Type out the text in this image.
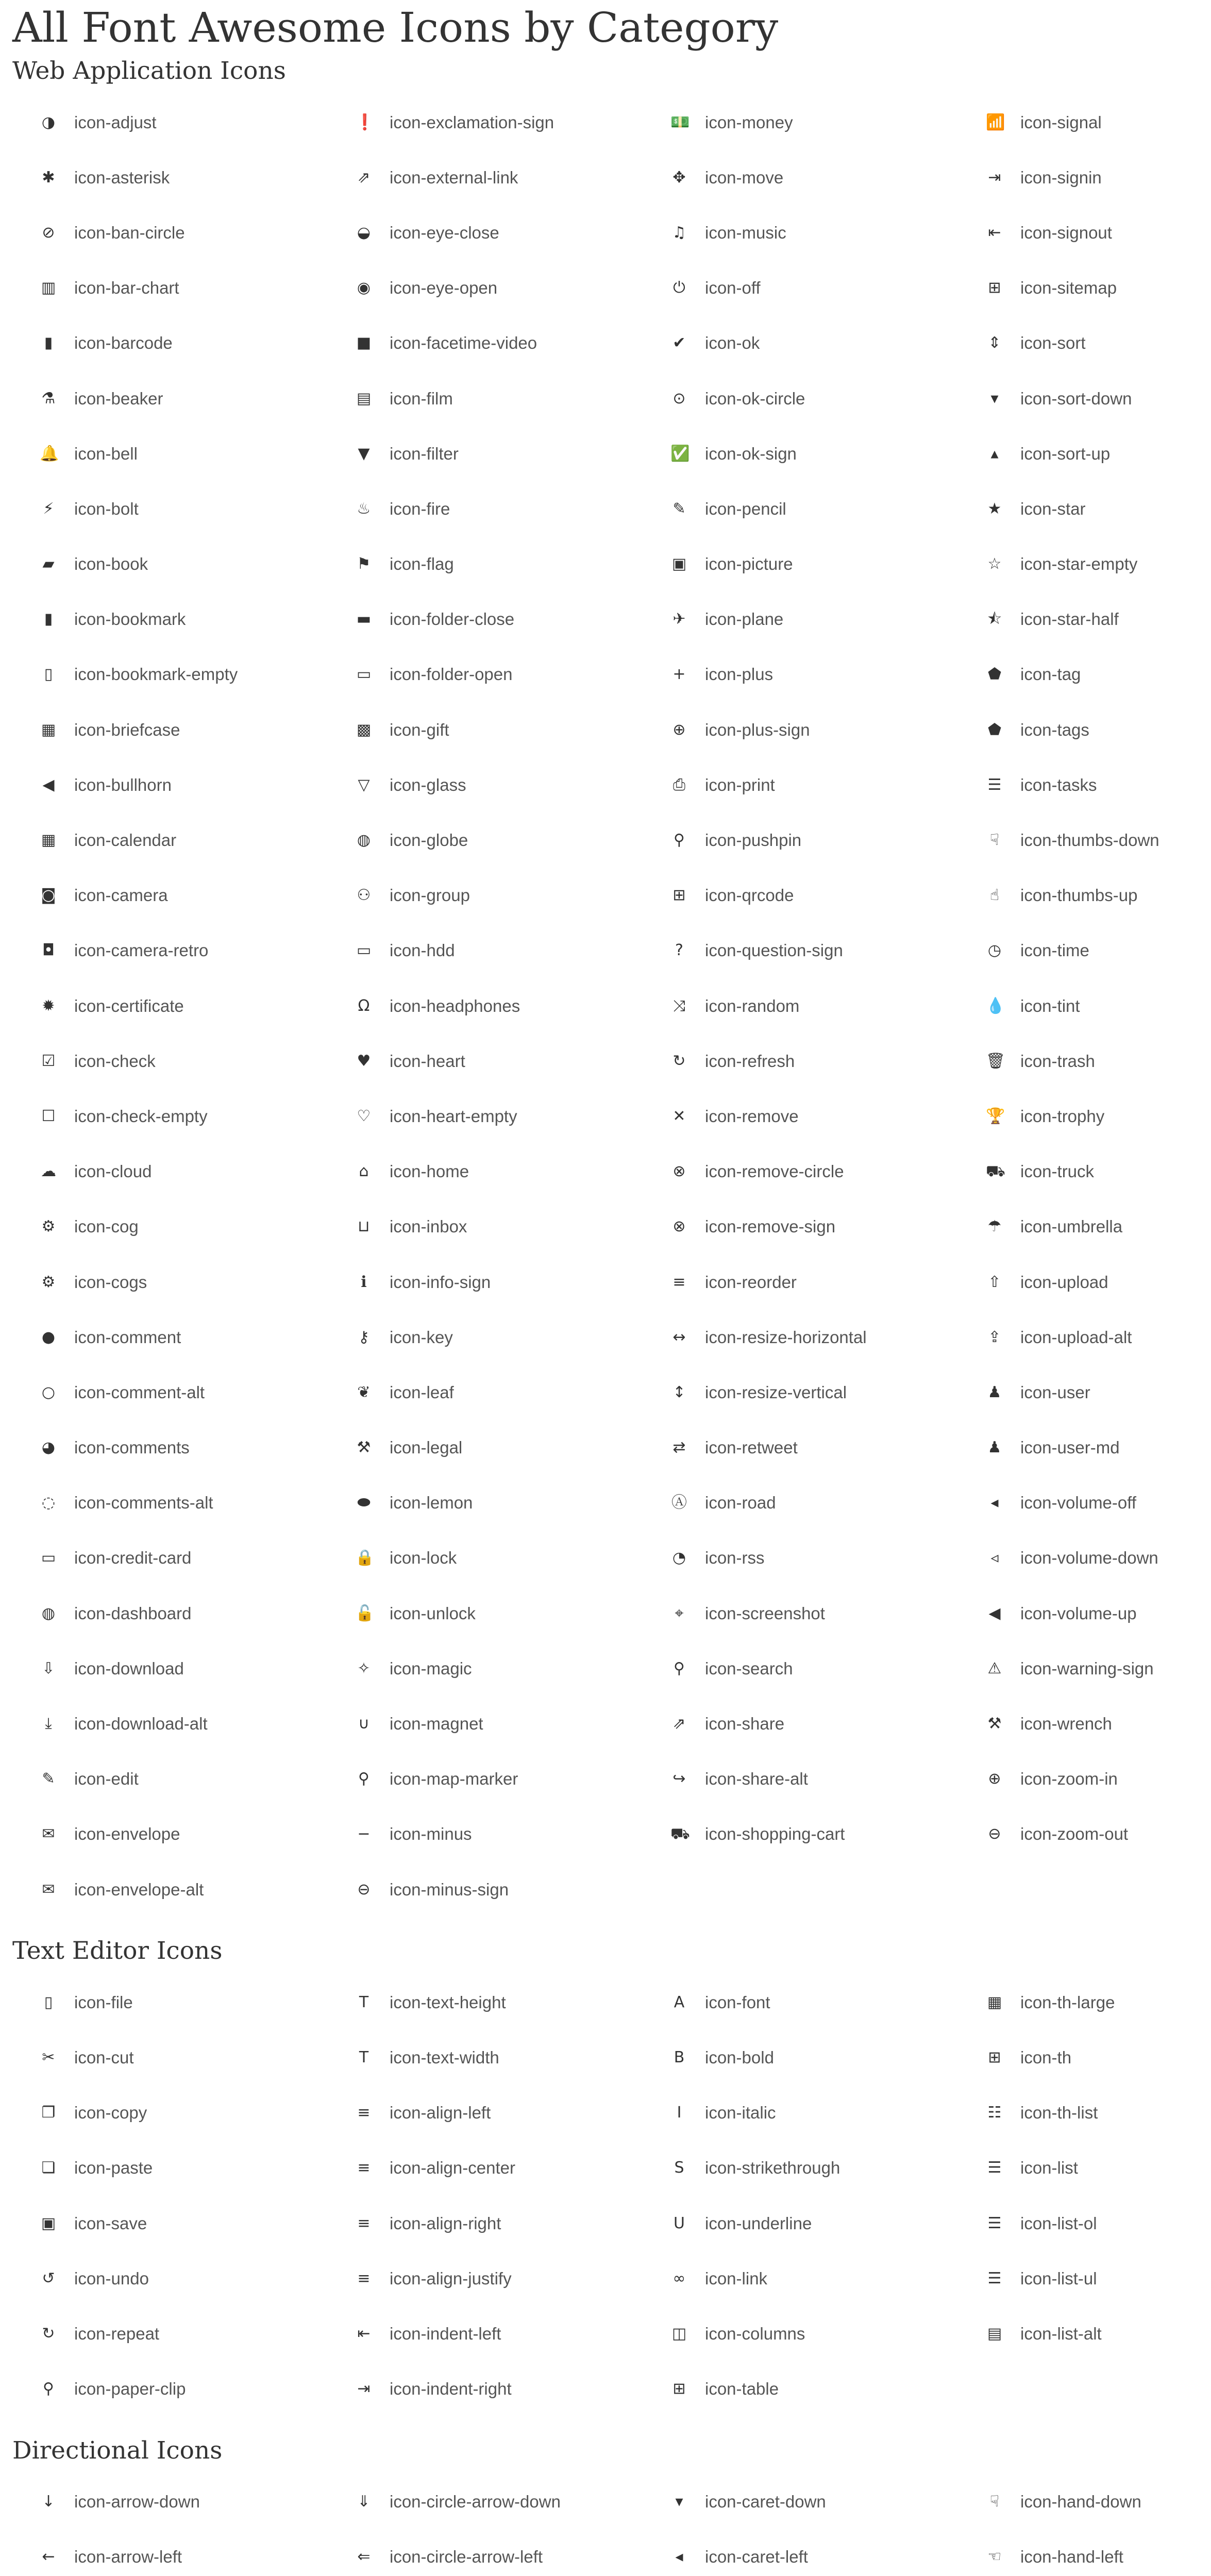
All Font Awesome Icons by Category
Web Application Icons
◑ icon-adjust	❗ icon-exclamation-sign	💵 icon-money	📶 icon-signal
✱ icon-asterisk	⇗ icon-external-link	✥ icon-move	⇥ icon-signin
⊘ icon-ban-circle	◒ icon-eye-close	♫ icon-music	⇤ icon-signout
▥ icon-bar-chart	◉ icon-eye-open	⏻ icon-off	⊞ icon-sitemap
▮ icon-barcode	■ icon-facetime-video	✔ icon-ok	⇕ icon-sort
⚗ icon-beaker	▤ icon-film	⊙ icon-ok-circle	▾ icon-sort-down
🔔 icon-bell	▼ icon-filter	✅ icon-ok-sign	▴ icon-sort-up
⚡ icon-bolt	♨ icon-fire	✎ icon-pencil	★ icon-star
▰ icon-book	⚑ icon-flag	▣ icon-picture	☆ icon-star-empty
▮ icon-bookmark	▬ icon-folder-close	✈ icon-plane	⯪ icon-star-half
▯ icon-bookmark-empty	▭ icon-folder-open	+ icon-plus	⬟ icon-tag
▦ icon-briefcase	▩ icon-gift	⊕ icon-plus-sign	⬟ icon-tags
◀ icon-bullhorn	▽ icon-glass	⎙ icon-print	☰ icon-tasks
▦ icon-calendar	◍ icon-globe	⚲ icon-pushpin	☟ icon-thumbs-down
◙ icon-camera	⚇ icon-group	⊞ icon-qrcode	☝ icon-thumbs-up
◘ icon-camera-retro	▭ icon-hdd	? icon-question-sign	◷ icon-time
✹ icon-certificate	Ω icon-headphones	⤨ icon-random	💧 icon-tint
☑ icon-check	♥ icon-heart	↻ icon-refresh	🗑 icon-trash
☐ icon-check-empty	♡ icon-heart-empty	✕ icon-remove	🏆 icon-trophy
☁ icon-cloud	⌂ icon-home	⊗ icon-remove-circle	⛟ icon-truck
⚙ icon-cog	⊔ icon-inbox	⊗ icon-remove-sign	☂ icon-umbrella
⚙ icon-cogs	ℹ	icon-info-sign	≡ icon-reorder	⇧ icon-upload
● icon-comment	⚷ icon-key	↔ icon-resize-horizontal	⇪ icon-upload-alt
○ icon-comment-alt	❦ icon-leaf	↕ icon-resize-vertical	♟ icon-user
◕ icon-comments	⚒ icon-legal	⇄ icon-retweet	♟ icon-user-md
◌ icon-comments-alt	⬬ icon-lemon	Ⓐ icon-road	◂ icon-volume-off
▭ icon-credit-card	🔒 icon-lock	◔ icon-rss	◃ icon-volume-down
◍ icon-dashboard	🔓 icon-unlock	⌖ icon-screenshot	◀ icon-volume-up
⇩ icon-download	✧ icon-magic	⚲ icon-search	⚠ icon-warning-sign
⤓	icon-download-alt	∪ icon-magnet	⇗ icon-share	⚒ icon-wrench
✎ icon-edit	⚲ icon-map-marker	↪ icon-share-alt	⊕ icon-zoom-in
✉ icon-envelope	− icon-minus	⛟ icon-shopping-cart	⊖ icon-zoom-out
✉ icon-envelope-alt	⊖ icon-minus-sign
Text Editor Icons
▯ icon-file	T icon-text-height	A icon-font	▦ icon-th-large
✂ icon-cut	T icon-text-width	B icon-bold	⊞ icon-th
❐ icon-copy	≡ icon-align-left	I	icon-italic	☷ icon-th-list
❏ icon-paste	≡ icon-align-center	S icon-strikethrough	☰ icon-list
▣ icon-save	≡ icon-align-right	U icon-underline	☰ icon-list-ol
↺ icon-undo	≡ icon-align-justify	∞ icon-link	☰ icon-list-ul
↻ icon-repeat	⇤ icon-indent-left	◫ icon-columns	▤ icon-list-alt
⚲ icon-paper-clip	⇥ icon-indent-right	⊞ icon-table
Directional Icons
↓ icon-arrow-down	⇓ icon-circle-arrow-down	▾ icon-caret-down	☟ icon-hand-down
← icon-arrow-left	⇐ icon-circle-arrow-left	◂ icon-caret-left	☜ icon-hand-left
